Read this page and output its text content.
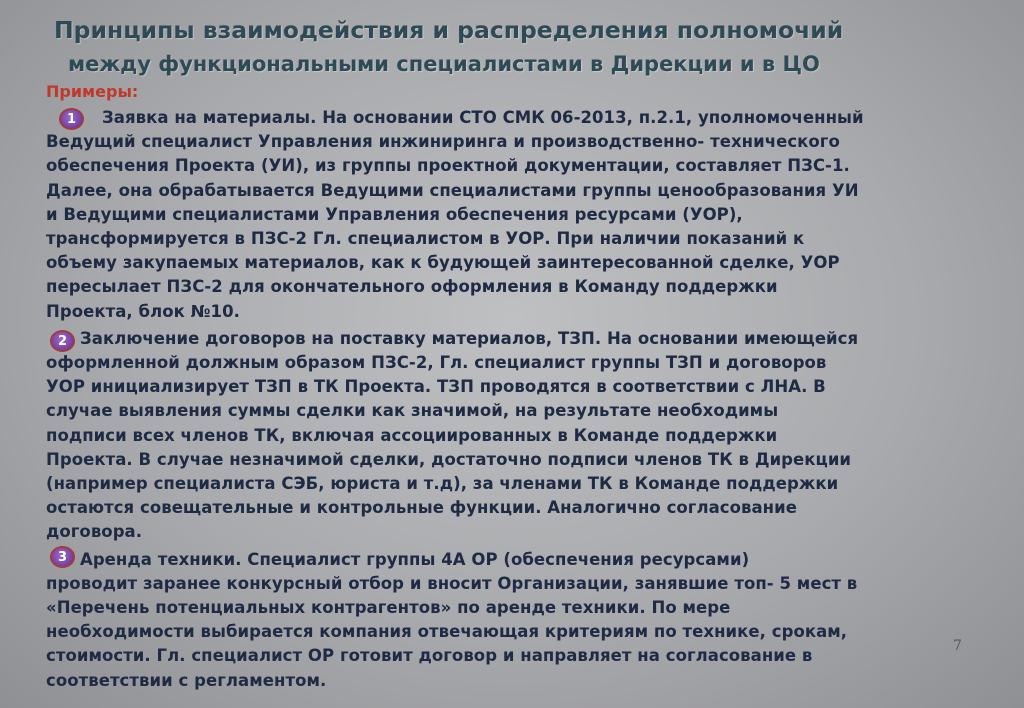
Принципы взаимодействия и распределения полномочий
между функциональными специалистами в Дирекции и в ЦО
Примеры:
1
2
3
Заявка на материалы. На основании СТО СМК 06-2013, п.2.1, уполномоченный
Ведущий специалист Управления инжиниринга и производственно- технического
обеспечения Проекта (УИ), из группы проектной документации, составляет ПЗС-1.
Далее, она обрабатывается Ведущими специалистами группы ценообразования УИ
и Ведущими специалистами Управления обеспечения ресурсами (УОР),
трансформируется в ПЗС-2 Гл. специалистом в УОР. При наличии показаний к
объему закупаемых материалов, как к будующей заинтересованной сделке, УОР
пересылает ПЗС-2 для окончательного оформления в Команду поддержки
Проекта, блок №10.
Заключение договоров на поставку материалов, ТЗП. На основании имеющейся
оформленной должным образом ПЗС-2, Гл. специалист группы ТЗП и договоров
УОР инициализирует ТЗП в ТК Проекта. ТЗП проводятся в соответствии с ЛНА. В
случае выявления суммы сделки как значимой, на результате необходимы
подписи всех членов ТК, включая ассоциированных в Команде поддержки
Проекта. В случае незначимой сделки, достаточно подписи членов ТК в Дирекции
(например специалиста СЭБ, юриста и т.д), за членами ТК в Команде поддержки
остаются совещательные и контрольные функции. Аналогично согласование
договора.
Аренда техники. Специалист группы 4А ОР (обеспечения ресурсами)
проводит заранее конкурсный отбор и вносит Организации, занявшие топ- 5 мест в
«Перечень потенциальных контрагентов» по аренде техники. По мере
необходимости выбирается компания отвечающая критериям по технике, срокам,
стоимости. Гл. специалист ОР готовит договор и направляет на согласование в
соответствии с регламентом.
7
